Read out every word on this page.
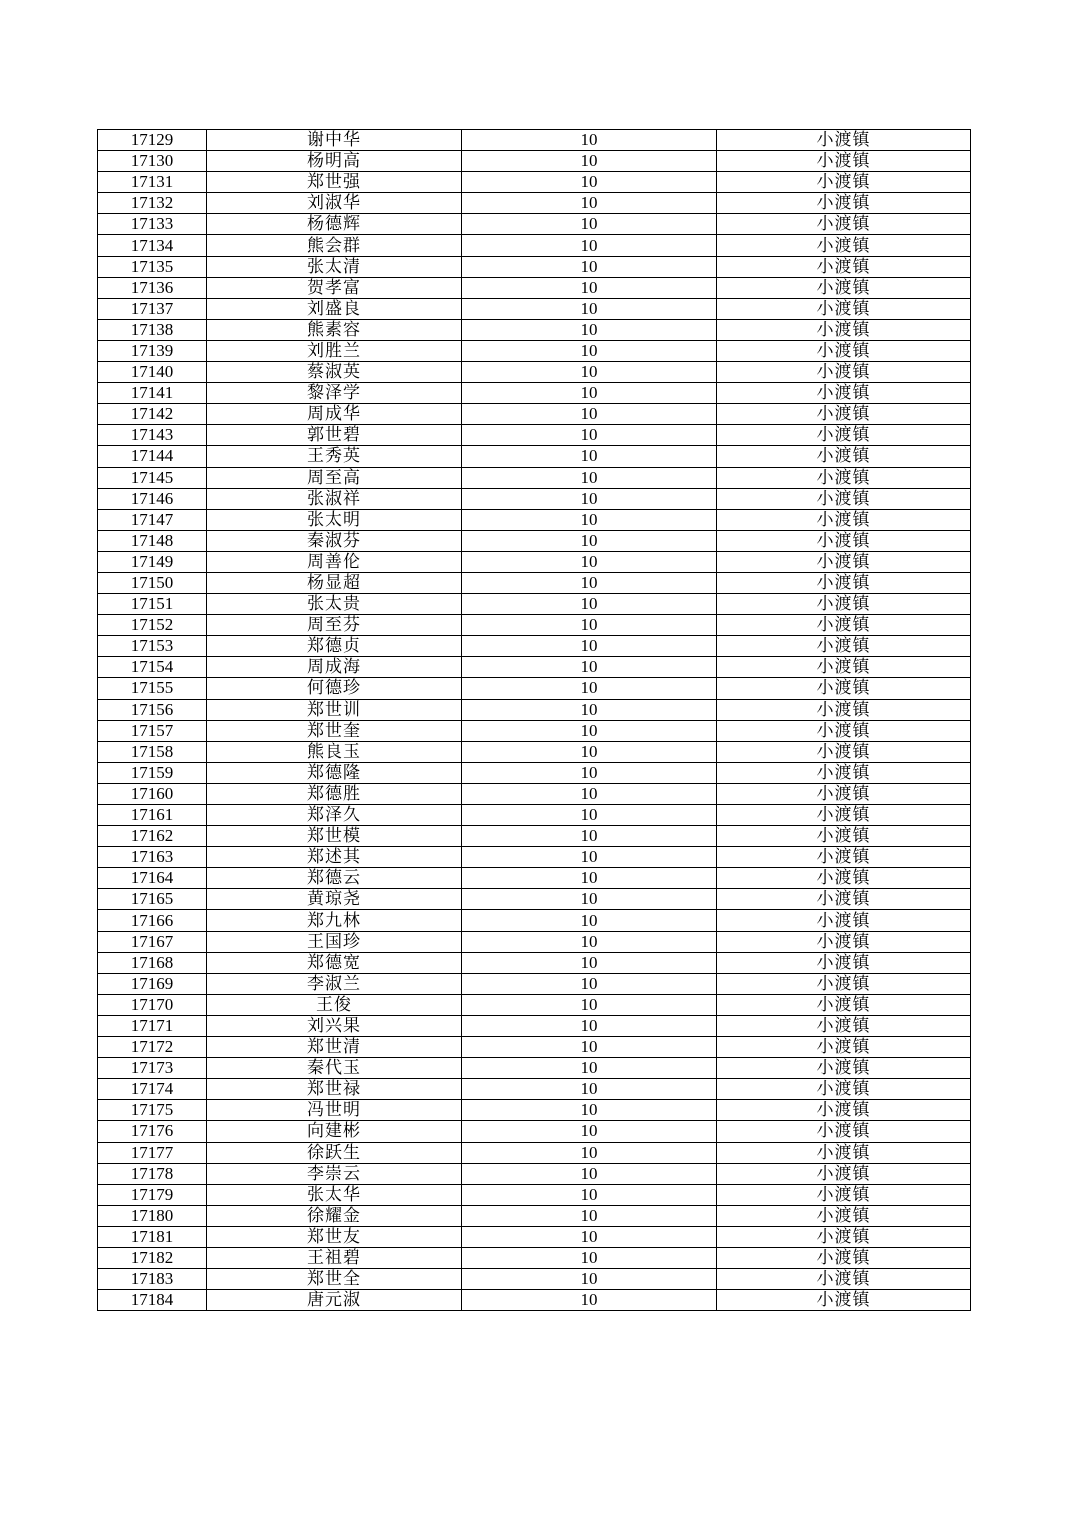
17129	谢中华	10	小渡镇
17130	杨明高	10	小渡镇
17131	郑世强	10	小渡镇
17132	刘淑华	10	小渡镇
17133	杨德辉	10	小渡镇
17134	熊会群	10	小渡镇
17135	张太清	10	小渡镇
17136	贺孝富	10	小渡镇
17137	刘盛良	10	小渡镇
17138	熊素容	10	小渡镇
17139	刘胜兰	10	小渡镇
17140	蔡淑英	10	小渡镇
17141	黎泽学	10	小渡镇
17142	周成华	10	小渡镇
17143	郭世碧	10	小渡镇
17144	王秀英	10	小渡镇
17145	周至高	10	小渡镇
17146	张淑祥	10	小渡镇
17147	张太明	10	小渡镇
17148	秦淑芬	10	小渡镇
17149	周善伦	10	小渡镇
17150	杨显超	10	小渡镇
17151	张太贵	10	小渡镇
17152	周至芬	10	小渡镇
17153	郑德贞	10	小渡镇
17154	周成海	10	小渡镇
17155	何德珍	10	小渡镇
17156	郑世训	10	小渡镇
17157	郑世奎	10	小渡镇
17158	熊良玉	10	小渡镇
17159	郑德隆	10	小渡镇
17160	郑德胜	10	小渡镇
17161	郑泽久	10	小渡镇
17162	郑世模	10	小渡镇
17163	郑述其	10	小渡镇
17164	郑德云	10	小渡镇
17165	黄琼尧	10	小渡镇
17166	郑九林	10	小渡镇
17167	王国珍	10	小渡镇
17168	郑德宽	10	小渡镇
17169	李淑兰	10	小渡镇
17170	王俊	10	小渡镇
17171	刘兴果	10	小渡镇
17172	郑世清	10	小渡镇
17173	秦代玉	10	小渡镇
17174	郑世禄	10	小渡镇
17175	冯世明	10	小渡镇
17176	向建彬	10	小渡镇
17177	徐跃生	10	小渡镇
17178	李崇云	10	小渡镇
17179	张太华	10	小渡镇
17180	徐耀金	10	小渡镇
17181	郑世友	10	小渡镇
17182	王祖碧	10	小渡镇
17183	郑世全	10	小渡镇
17184	唐元淑	10	小渡镇
